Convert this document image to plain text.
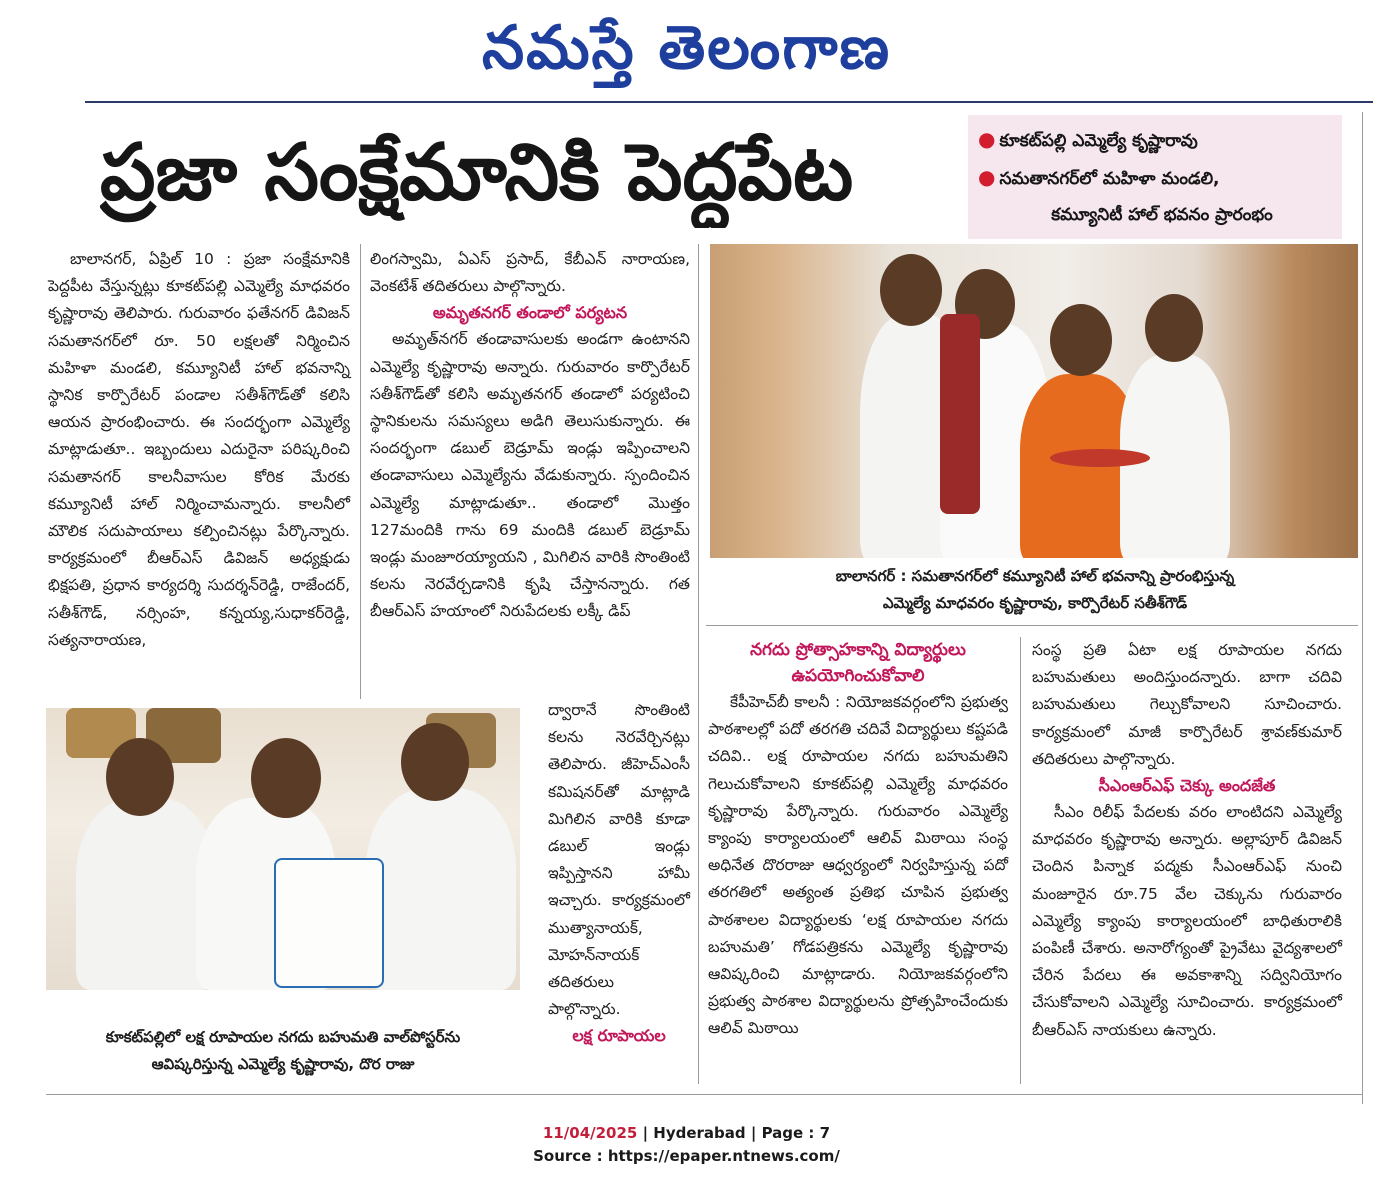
నమస్తే తెలంగాణ
ప్రజా సంక్షేమానికి పెద్దపేట	● కూకట్‌పల్లి ఎమ్మెల్యే కృష్ణారావు
● సమతానగర్‌లో మహిళా మండలి,
కమ్యూనిటీ హాల్‌ భవనం ప్రారంభం

బాలానగర్‌, ఏప్రిల్‌ 10 : ప్రజా సంక్షేమానికి పెద్దపీట వేస్తున్నట్లు కూకట్‌పల్లి ఎమ్మెల్యే మాధవరం కృష్ణారావు తెలిపారు. గురువారం ఫతేనగర్‌ డివిజన్‌ సమతానగర్‌లో రూ. 50 లక్షలతో నిర్మించిన మహిళా మండలి, కమ్యూనిటీ హాల్‌ భవనాన్ని స్థానిక కార్పొరేటర్‌ పండాల సతీశ్‌గౌడ్‌తో కలిసి ఆయన ప్రారంభించారు. ఈ సందర్భంగా ఎమ్మెల్యే మాట్లాడుతూ.. ఇబ్బందులు ఎదురైనా పరిష్కరించి సమతానగర్‌ కాలనీవాసుల కోరిక మేరకు కమ్యూనిటీ హాల్‌ నిర్మించామన్నారు. కాలనీలో మౌలిక సదుపాయాలు కల్పించినట్లు పేర్కొన్నారు. కార్యక్రమంలో బీఆర్‌ఎస్‌ డివిజన్‌ అధ్యక్షుడు భిక్షపతి, ప్రధాన కార్యదర్శి సుదర్శన్‌రెడ్డి, రాజేందర్‌, సతీశ్‌గౌడ్‌, నర్సింహ, కన్నయ్య,సుధాకర్‌రెడ్డి, సత్యనారాయణ,

లింగస్వామి, ఏఎస్‌ ప్రసాద్‌, కేబీఎన్‌ నారాయణ, వెంకటేశ్‌ తదితరులు పాల్గొన్నారు.

అమృతనగర్‌ తండాలో పర్యటన

అమృత్‌నగర్‌ తండావాసులకు అండగా ఉంటానని ఎమ్మెల్యే కృష్ణారావు అన్నారు. గురువారం కార్పొరేటర్‌ సతీశ్‌గౌడ్‌తో కలిసి అమృతనగర్‌ తండాలో పర్యటించి స్థానికులను సమస్యలు అడిగి తెలుసుకున్నారు. ఈ సందర్భంగా డబుల్‌ బెడ్రూమ్‌ ఇండ్లు ఇప్పించాలని తండావాసులు ఎమ్మెల్యేను వేడుకున్నారు. స్పందించిన ఎమ్మెల్యే మాట్లాడుతూ.. తండాలో మొత్తం 127మందికి గాను 69 మందికి డబుల్‌ బెడ్రూమ్‌ ఇండ్లు మంజూరయ్యాయని , మిగిలిన వారికి సొంతింటి కలను నెరవేర్చడానికి కృషి చేస్తానన్నారు. గత బీఆర్‌ఎస్‌ హయాంలో నిరుపేదలకు లక్కీ డిప్‌

ద్వారానే సొంతింటి కలను నెరవేర్చినట్లు తెలిపారు. జీహెచ్‌ఎంసీ కమిషనర్‌తో మాట్లాడి మిగిలిన వారికి కూడా డబుల్‌ ఇండ్లు ఇప్పిస్తానని హామీ ఇచ్చారు. కార్యక్రమంలో ముత్యానాయక్‌, మోహన్‌నాయక్‌ తదితరులు పాల్గొన్నారు.

లక్ష రూపాయల
బాలానగర్‌ : సమతానగర్‌లో కమ్యూనిటీ హాల్‌ భవనాన్ని ప్రారంభిస్తున్న
ఎమ్మెల్యే మాధవరం కృష్ణారావు, కార్పొరేటర్‌ సతీశ్‌గౌడ్‌
కూకట్‌పల్లిలో లక్ష రూపాయల నగదు బహుమతి వాల్‌పోస్టర్‌ను
ఆవిష్కరిస్తున్న ఎమ్మెల్యే కృష్ణారావు, దొర రాజు
నగదు ప్రోత్సాహకాన్ని విద్యార్థులు ఉపయోగించుకోవాలి

కేపీహెచ్‌బీ కాలనీ : నియోజకవర్గంలోని ప్రభుత్వ పాఠశాలల్లో పదో తరగతి చదివే విద్యార్థులు కష్టపడి చదివి.. లక్ష రూపాయల నగదు బహుమతిని గెలుచుకోవాలని కూకట్‌పల్లి ఎమ్మెల్యే మాధవరం కృష్ణారావు పేర్కొన్నారు. గురువారం ఎమ్మెల్యే క్యాంపు కార్యాలయంలో ఆలివ్‌ మిఠాయి సంస్థ అధినేత దొరరాజు ఆధ్వర్యంలో నిర్వహిస్తున్న పదో తరగతిలో అత్యంత ప్రతిభ చూపిన ప్రభుత్వ పాఠశాలల విద్యార్థులకు ‘లక్ష రూపాయల నగదు బహుమతి’ గోడపత్రికను ఎమ్మెల్యే కృష్ణారావు ఆవిష్కరించి మాట్లాడారు. నియోజకవర్గంలోని ప్రభుత్వ పాఠశాల విద్యార్థులను ప్రోత్సహించేందుకు ఆలివ్‌ మిఠాయి

సంస్థ ప్రతి ఏటా లక్ష రూపాయల నగదు బహుమతులు అందిస్తుందన్నారు. బాగా చదివి బహుమతులు గెల్చుకోవాలని సూచించారు. కార్యక్రమంలో మాజీ కార్పొరేటర్‌ శ్రావణ్‌కుమార్‌ తదితరులు పాల్గొన్నారు.

సీఎంఆర్‌ఎఫ్‌ చెక్కు అందజేత

సీఎం రిలీఫ్‌ పేదలకు వరం లాంటిదని ఎమ్మెల్యే మాధవరం కృష్ణారావు అన్నారు. అల్లాపూర్‌ డివిజన్‌ చెందిన పిన్నాక పద్మకు సీఎంఆర్‌ఎఫ్‌ నుంచి మంజూరైన రూ.75 వేల చెక్కును గురువారం ఎమ్మెల్యే క్యాంపు కార్యాలయంలో బాధితురాలికి పంపిణీ చేశారు. అనారోగ్యంతో ప్రైవేటు వైద్యశాలలో చేరిన పేదలు ఈ అవకాశాన్ని సద్వినియోగం చేసుకోవాలని ఎమ్మెల్యే సూచించారు. కార్యక్రమంలో బీఆర్‌ఎస్‌ నాయకులు ఉన్నారు.

11/04/2025 | Hyderabad | Page : 7
Source : https://epaper.ntnews.com/
